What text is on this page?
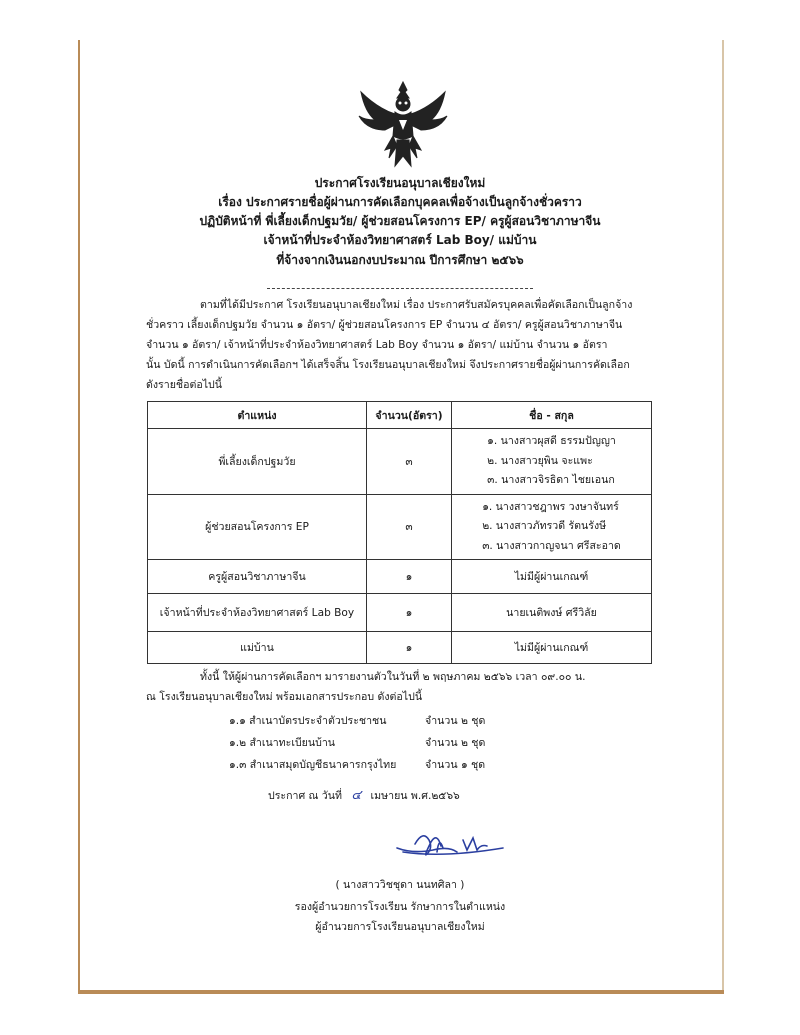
ประกาศโรงเรียนอนุบาลเชียงใหม่
เรื่อง ประกาศรายชื่อผู้ผ่านการคัดเลือกบุคคลเพื่อจ้างเป็นลูกจ้างชั่วคราว
ปฏิบัติหน้าที่ พี่เลี้ยงเด็กปฐมวัย/ ผู้ช่วยสอนโครงการ EP/ ครูผู้สอนวิชาภาษาจีน
เจ้าหน้าที่ประจำห้องวิทยาศาสตร์ Lab Boy/ แม่บ้าน
ที่จ้างจากเงินนอกงบประมาณ ปีการศึกษา ๒๕๖๖
ตามที่ได้มีประกาศ โรงเรียนอนุบาลเชียงใหม่ เรื่อง ประกาศรับสมัครบุคคลเพื่อคัดเลือกเป็นลูกจ้าง
ชั่วคราว เลี้ยงเด็กปฐมวัย จำนวน ๑ อัตรา/ ผู้ช่วยสอนโครงการ EP จำนวน ๔ อัตรา/ ครูผู้สอนวิชาภาษาจีน
จำนวน ๑ อัตรา/ เจ้าหน้าที่ประจำห้องวิทยาศาสตร์ Lab Boy จำนวน ๑ อัตรา/ แม่บ้าน จำนวน ๑ อัตรา
นั้น บัดนี้ การดำเนินการคัดเลือกฯ ได้เสร็จสิ้น โรงเรียนอนุบาลเชียงใหม่ จึงประกาศรายชื่อผู้ผ่านการคัดเลือก
ดังรายชื่อต่อไปนี้
ตำแหน่ง	จำนวน(อัตรา)	ชื่อ - สกุล
พี่เลี้ยงเด็กปฐมวัย	๓	๑. นางสาวผุสดี ธรรมปัญญา
๒. นางสาวยุพิน จะแพะ
๓. นางสาวจิรธิดา ไชยเอนก

ผู้ช่วยสอนโครงการ EP	๓	๑. นางสาวชฎาพร วงษาจันทร์
๒. นางสาวภัทรวดี รัตนรังษี
๓. นางสาวกาญจนา ศรีสะอาด

ครูผู้สอนวิชาภาษาจีน	๑	ไม่มีผู้ผ่านเกณฑ์
เจ้าหน้าที่ประจำห้องวิทยาศาสตร์ Lab Boy	๑	นายเนติพงษ์ ศรีวิลัย
แม่บ้าน	๑	ไม่มีผู้ผ่านเกณฑ์
ทั้งนี้ ให้ผู้ผ่านการคัดเลือกฯ มารายงานตัวในวันที่ ๒ พฤษภาคม ๒๕๖๖ เวลา ๐๙.๐๐ น.
ณ โรงเรียนอนุบาลเชียงใหม่ พร้อมเอกสารประกอบ ดังต่อไปนี้
๑.๑ สำเนาบัตรประจำตัวประชาชน	จำนวน ๒ ชุด
๑.๒ สำเนาทะเบียนบ้าน	จำนวน ๒ ชุด
๑.๓ สำเนาสมุดบัญชีธนาคารกรุงไทย	จำนวน ๑ ชุด
ประกาศ ณ วันที่ ๔ เมษายน พ.ศ.๒๕๖๖
( นางสาววิชชุดา นนทศิลา )
รองผู้อำนวยการโรงเรียน รักษาการในตำแหน่ง
ผู้อำนวยการโรงเรียนอนุบาลเชียงใหม่
